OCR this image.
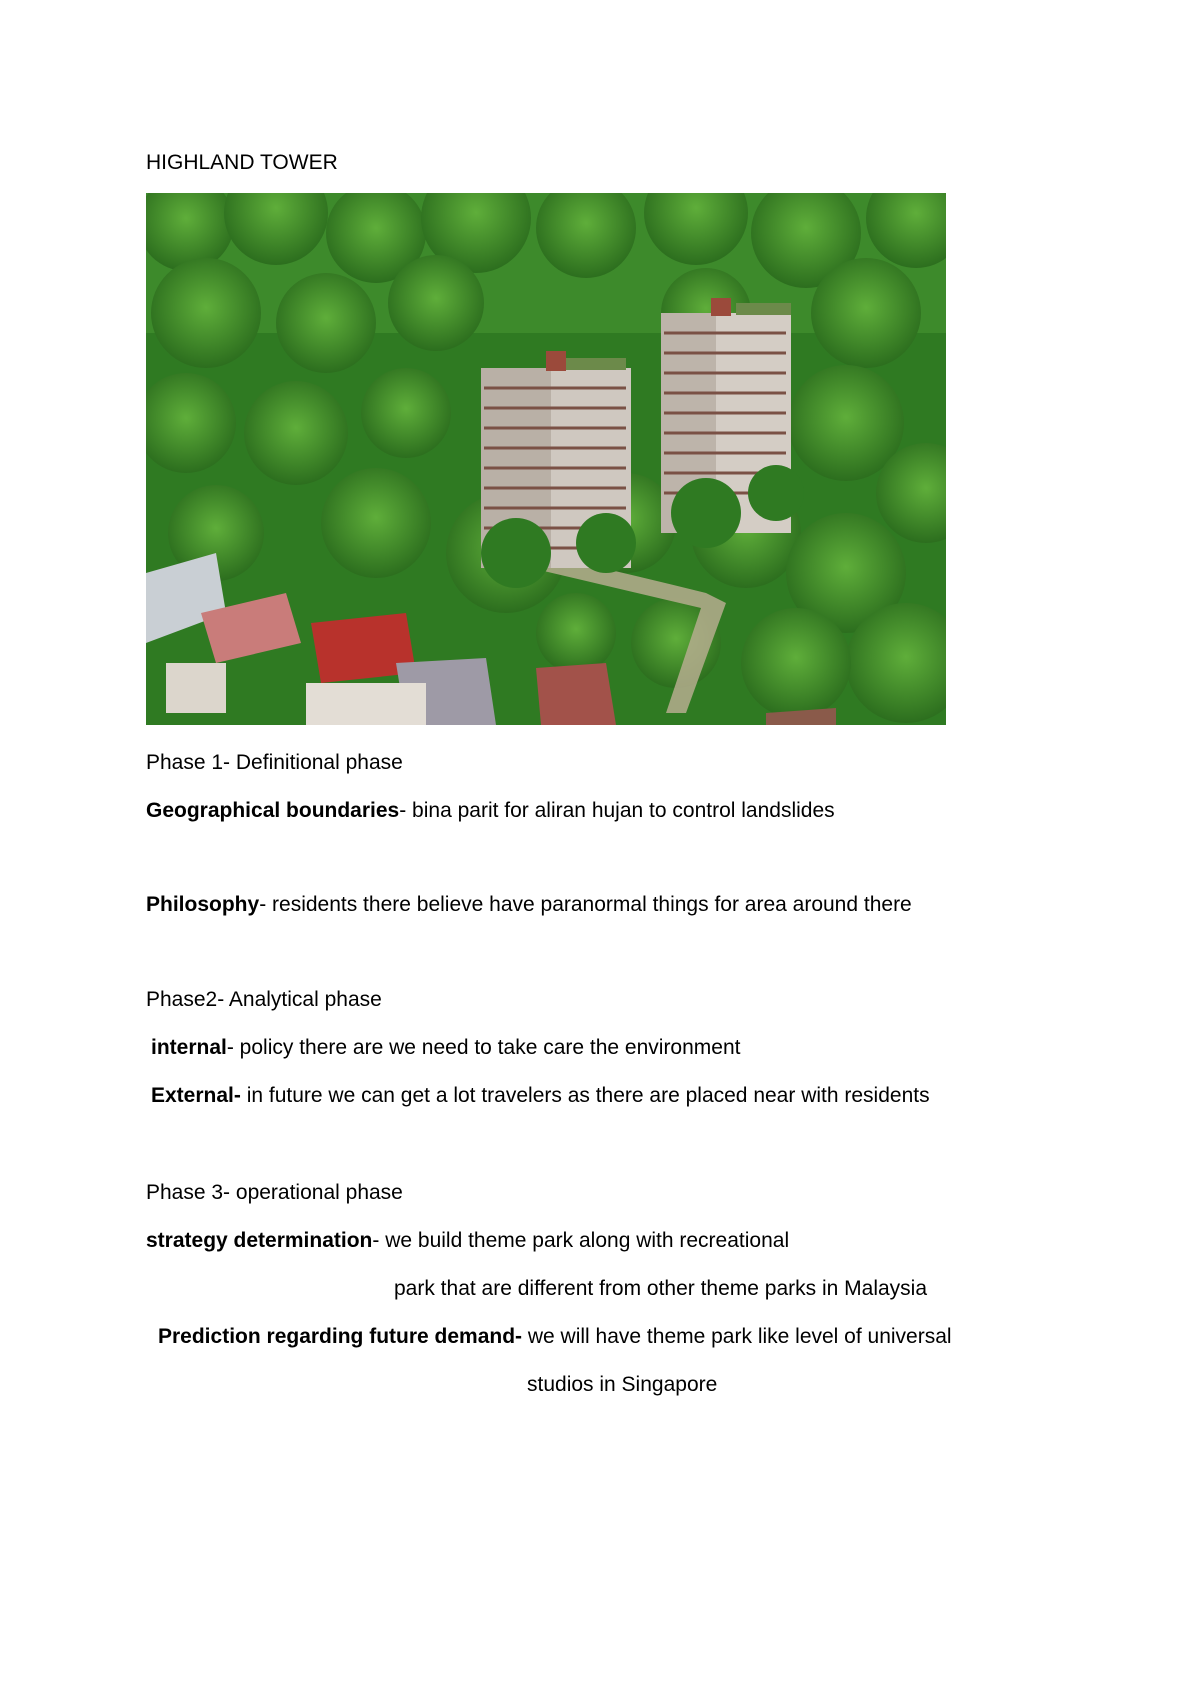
HIGHLAND TOWER
Phase 1- Definitional phase
Geographical boundaries- bina parit for aliran hujan to control landslides
Philosophy- residents there believe have paranormal things for area around there
Phase2- Analytical phase
internal- policy there are we need to take care the environment
External- in future we can get a lot travelers as there are placed near with residents
Phase 3- operational phase
strategy determination- we build theme park along with recreational
park that are different from other theme parks in Malaysia
Prediction regarding future demand- we will have theme park like level of universal
studios in Singapore
